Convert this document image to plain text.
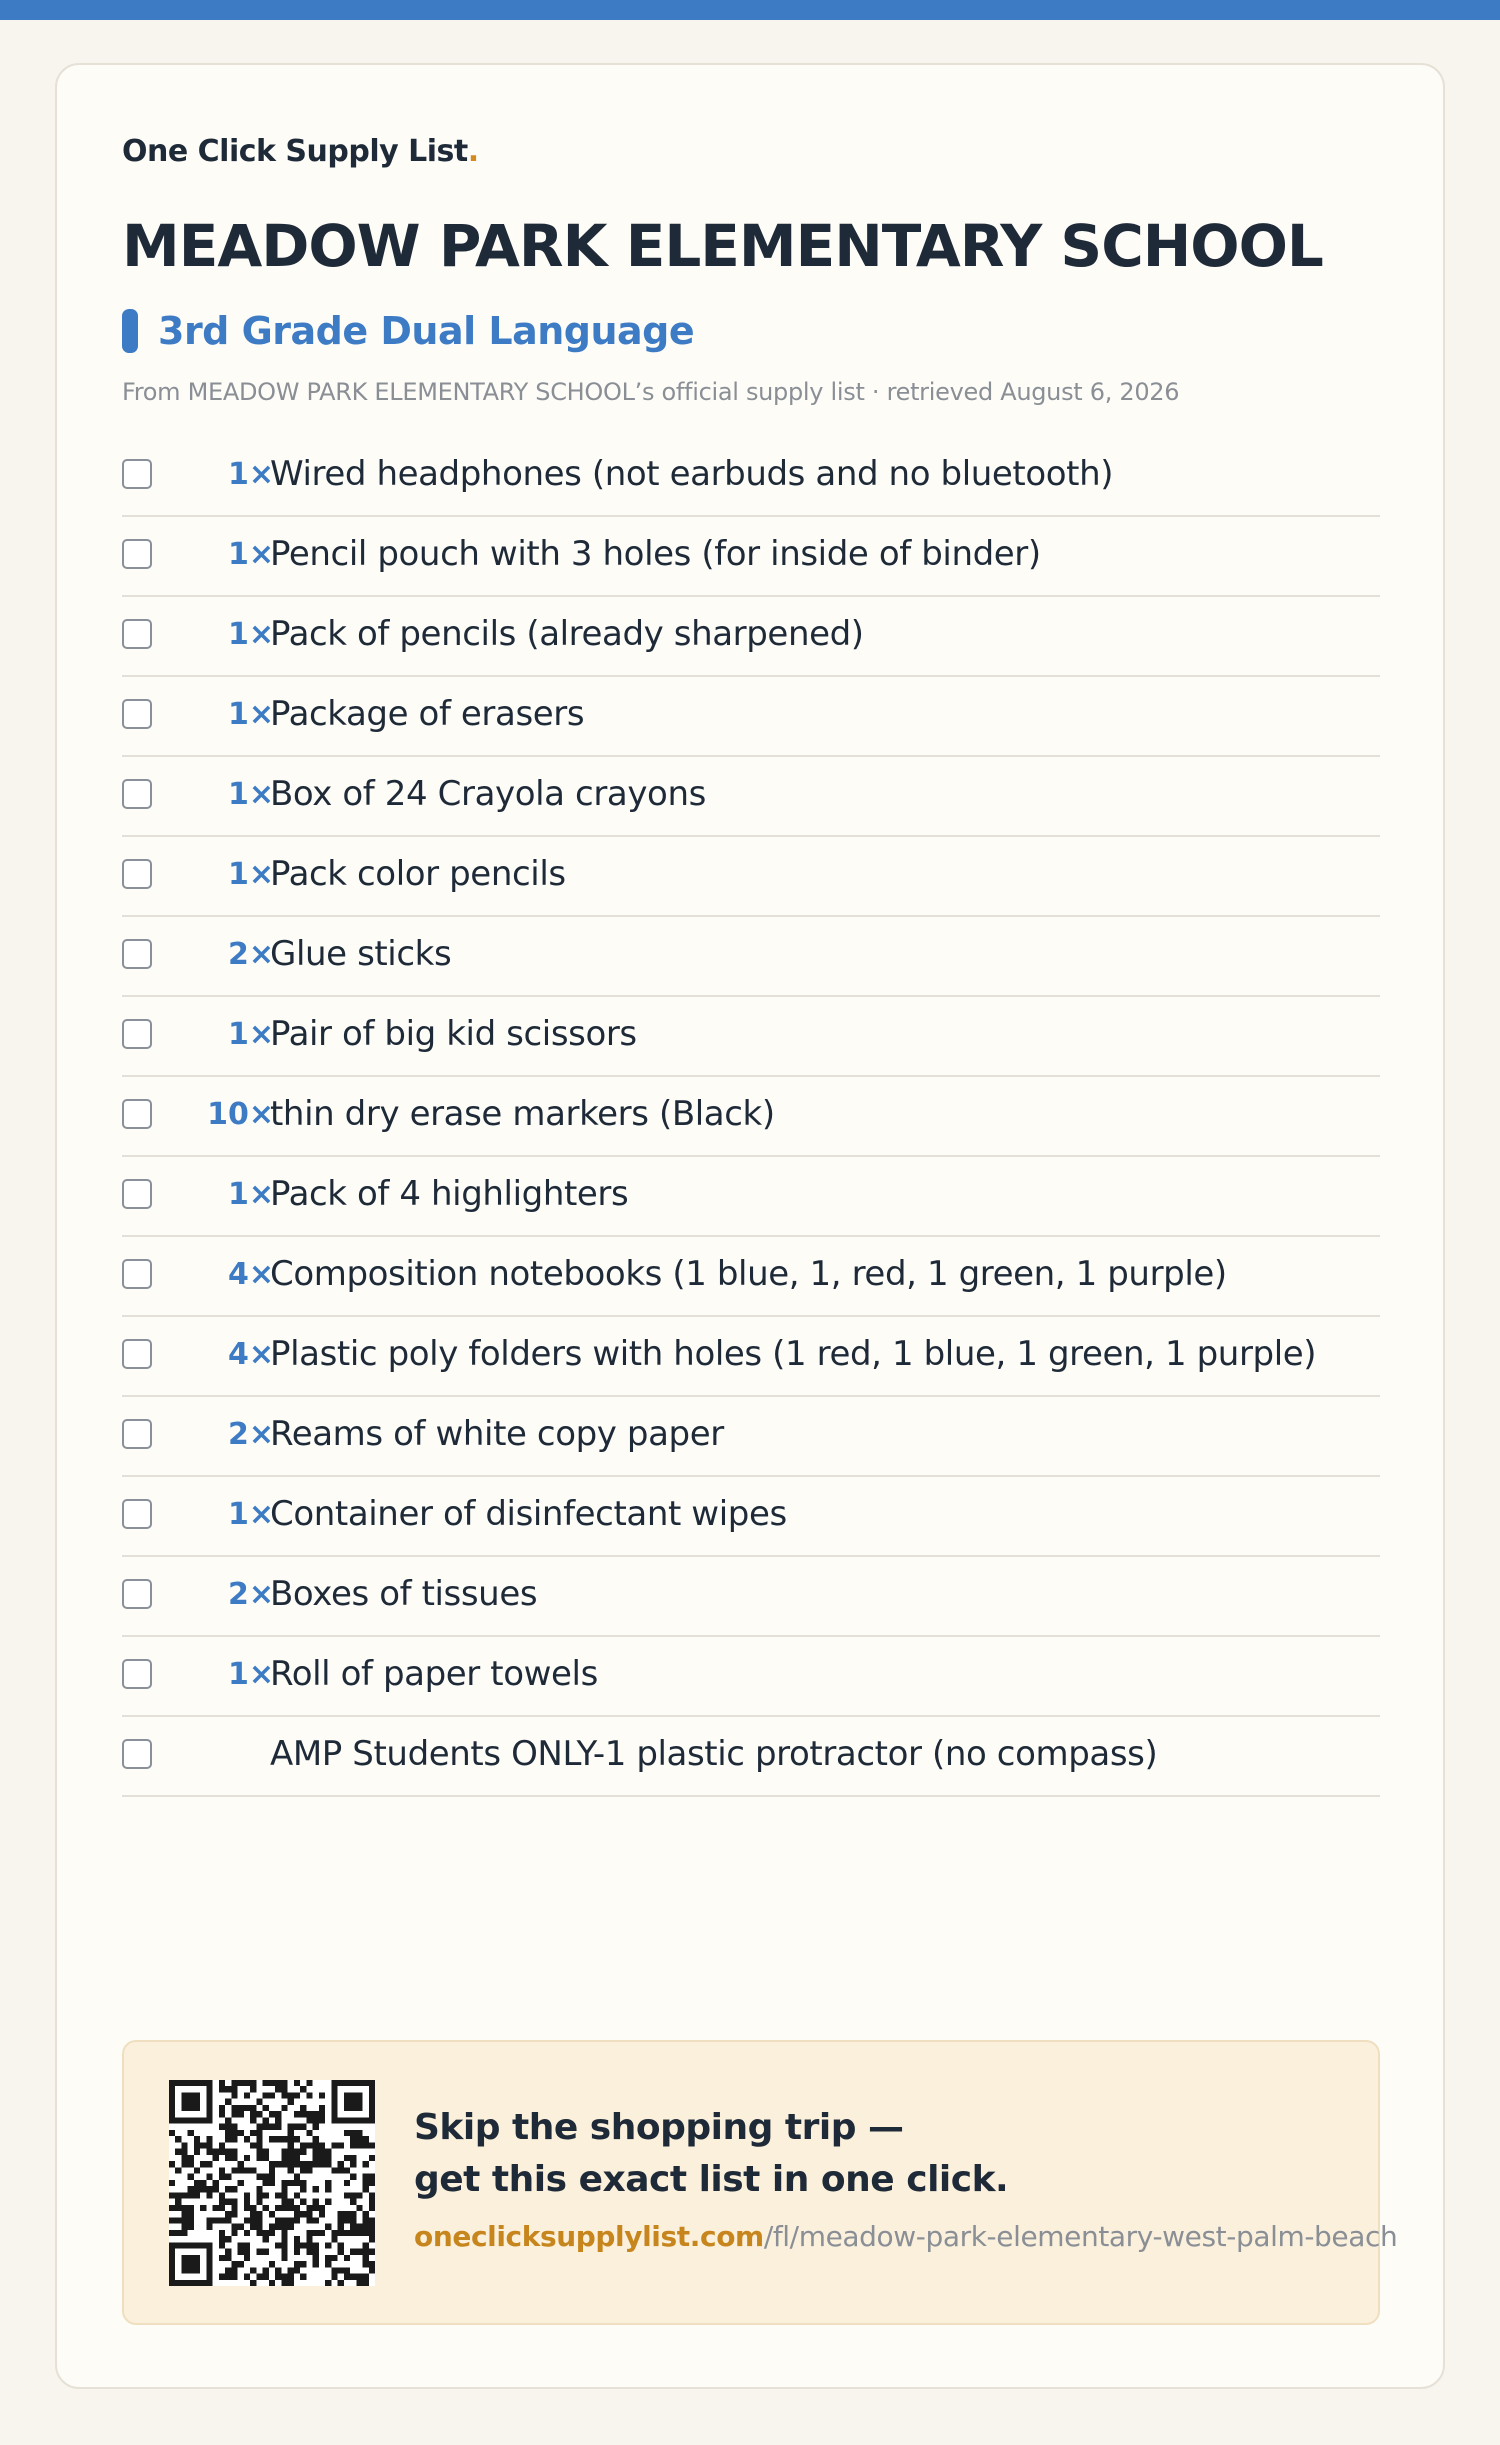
One Click Supply List.
MEADOW PARK ELEMENTARY SCHOOL
3rd Grade Dual Language
From MEADOW PARK ELEMENTARY SCHOOL’s official supply list · retrieved August 6, 2026
1×
Wired headphones (not earbuds and no bluetooth)
1×
Pencil pouch with 3 holes (for inside of binder)
1×
Pack of pencils (already sharpened)
1×
Package of erasers
1×
Box of 24 Crayola crayons
1×
Pack color pencils
2×
Glue sticks
1×
Pair of big kid scissors
10×
thin dry erase markers (Black)
1×
Pack of 4 highlighters
4×
Composition notebooks (1 blue, 1, red, 1 green, 1 purple)
4×
Plastic poly folders with holes (1 red, 1 blue, 1 green, 1 purple)
2×
Reams of white copy paper
1×
Container of disinfectant wipes
2×
Boxes of tissues
1×
Roll of paper towels
AMP Students ONLY-1 plastic protractor (no compass)
Skip the shopping trip —
get this exact list in one click.
oneclicksupplylist.com/fl/meadow-park-elementary-west-palm-beach
